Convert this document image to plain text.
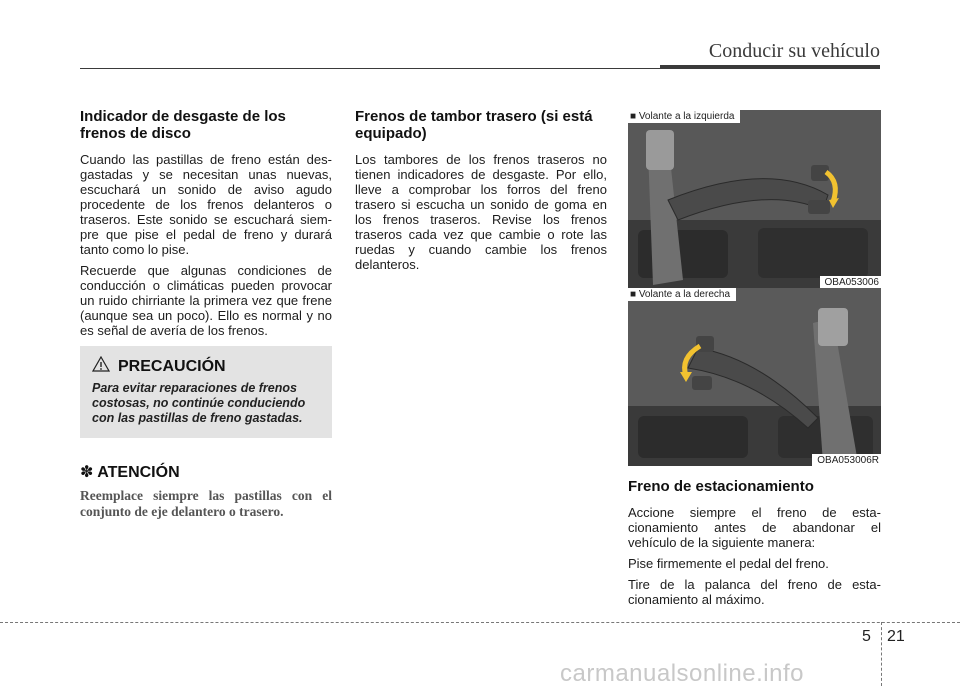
Conducir su vehículo
Indicador de desgaste de los frenos de disco

Cuando las pastillas de freno están desgastadas y se necesitan unas nuevas, escuchará un sonido de aviso agudo procedente de los frenos delanteros o traseros. Este sonido se escuchará siempre que pise el pedal de freno y durará tanto como lo pise.

Recuerde que algunas condiciones de conducción o climáticas pueden provocar un ruido chirriante la primera vez que frene (aunque sea un poco). Ello es normal y no es señal de avería de los frenos.

PRECAUCIÓN
Para evitar reparaciones de frenos costosas, no continúe conduciendo con las pastillas de freno gastadas.
✽ ATENCIÓN
Reemplace siempre las pastillas con el conjunto de eje delantero o trasero.
Frenos de tambor trasero (si está equipado)

Los tambores de los frenos traseros no tienen indicadores de desgaste. Por ello, lleve a comprobar los forros del freno trasero si escucha un sonido de goma en los frenos traseros. Revise los frenos traseros cada vez que cambie o rote las ruedas y cuando cambie los frenos delanteros.

■ Volante a la izquierda
OBA053006
■ Volante a la derecha
OBA053006R
Freno de estacionamiento

Accione siempre el freno de estacionamiento antes de abandonar el vehículo de la siguiente manera:

Pise firmemente el pedal del freno.

Tire de la palanca del freno de estacionamiento al máximo.

5 21
carmanualsonline.info
